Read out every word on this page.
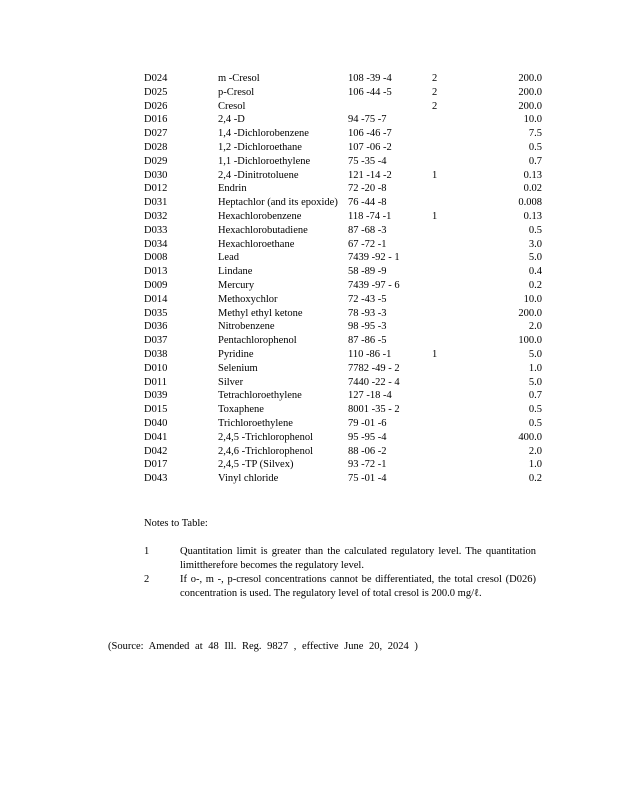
D024	m -Cresol	108 -39 -4	2	200.0
D025	p-Cresol	106 -44 -5	2	200.0
D026	Cresol		2	200.0
D016	2,4 -D	94 -75 -7		10.0
D027	1,4 -Dichlorobenzene	106 -46 -7		7.5
D028	1,2 -Dichloroethane	107 -06 -2		0.5
D029	1,1 -Dichloroethylene	75 -35 -4		0.7
D030	2,4 -Dinitrotoluene	121 -14 -2	1	0.13
D012	Endrin	72 -20 -8		0.02
D031	Heptachlor (and its epoxide)	76 -44 -8		0.008
D032	Hexachlorobenzene	118 -74 -1	1	0.13
D033	Hexachlorobutadiene	87 -68 -3		0.5
D034	Hexachloroethane	67 -72 -1		3.0
D008	Lead	7439 -92 - 1		5.0
D013	Lindane	58 -89 -9		0.4
D009	Mercury	7439 -97 - 6		0.2
D014	Methoxychlor	72 -43 -5		10.0
D035	Methyl ethyl ketone	78 -93 -3		200.0
D036	Nitrobenzene	98 -95 -3		2.0
D037	Pentachlorophenol	87 -86 -5		100.0
D038	Pyridine	110 -86 -1	1	5.0
D010	Selenium	7782 -49 - 2		1.0
D011	Silver	7440 -22 - 4		5.0
D039	Tetrachloroethylene	127 -18 -4		0.7
D015	Toxaphene	8001 -35 - 2		0.5
D040	Trichloroethylene	79 -01 -6		0.5
D041	2,4,5 -Trichlorophenol	95 -95 -4		400.0
D042	2,4,6 -Trichlorophenol	88 -06 -2		2.0
D017	2,4,5 -TP (Silvex)	93 -72 -1		1.0
D043	Vinyl chloride	75 -01 -4		0.2
Notes to Table:
1	Quantitation limit is greater than the calculated regulatory level. The quantitation limittherefore becomes the regulatory level.
2	If o-, m -, p-cresol concentrations cannot be differentiated, the total cresol (D026) concentration is used. The regulatory level of total cresol is 200.0 mg/ℓ.
(Source: Amended at 48 Ill. Reg. 9827 , effective June 20, 2024 )
